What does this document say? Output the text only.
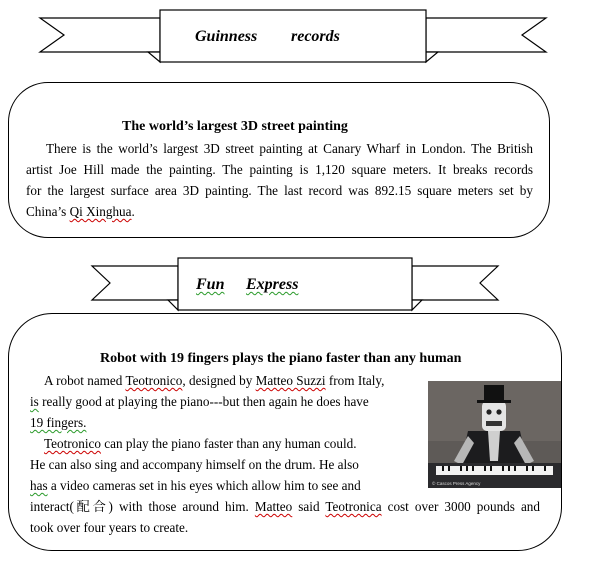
Guinness records
The world’s largest 3D street painting
There is the world’s largest 3D street painting at Canary Wharf in London. The British
artist Joe Hill made the painting. The painting is 1,120 square meters. It breaks records
for the largest surface area 3D painting. The last record was 892.15 square meters set by
China’s Qi Xinghua.
Fun Express
Robot with 19 fingers plays the piano faster than any human
A robot named Teotronico, designed by Matteo Suzzi from Italy,
is really good at playing the piano---but then again he does have
19 fingers.
Teotronico can play the piano faster than any human could.
He can also sing and accompany himself on the drum. He also
has a video cameras set in his eyes which allow him to see and
interact(配合) with those around him. Matteo said Teotronica cost over 3000 pounds and
took over four years to create.
© Cascos Press Agency
